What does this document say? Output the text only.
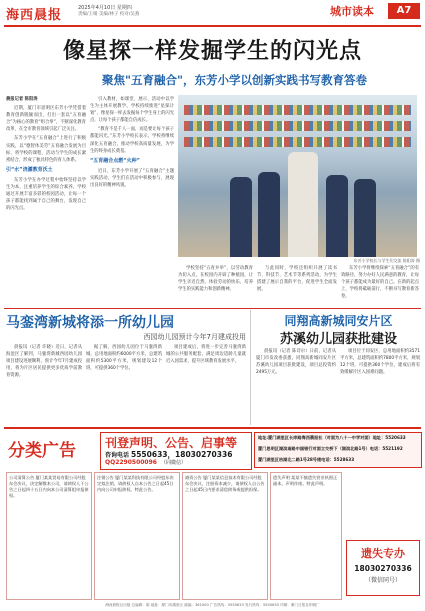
海西晨报	2025年4月10日 星期四
责编/王晴 美编/林子 校对/吴燕	城市读本	A7
像星探一样发掘学生的闪光点
聚焦"五育融合"，东芳小学以创新实践书写教育答卷

晨报记者 陈阳涛

近期，厦门市思明区东芳小学凭借着教育创新脱颖而出，打出一套以“五育融合”为核心的教育“组合拳”，不断深化教育改革，在全市教育领域引起广泛关注。

东芳小学在“五育融合”上进行了积极实践，以“德智体美劳”五育融合发展为目标，将学校的课程、活动与学生的成长紧密结合，形成了独具特色的育人体系。

引“水”浇灌教育沃土

东芳小学在办学过程中始终坚持以学生为本，注重培养学生的综合素养。学校通过开展丰富多彩的校园活动，让每一个孩子都能找到属于自己的舞台，发现自己的闪光点。

引入教材，如课堂、展示、活动中以学生为主体开展教学。学校持续推进“星探计划”，像星探一样去发掘每个学生身上的闪光点，让每个孩子都能自信成长。

“教育不是千人一面，而是要让每个孩子都能闪光。”东芳小学校长表示，学校将继续深化五育融合，推动学校高质量发展，为学生的终身成长奠基。

“五育融合点燃“火种”

近日，东芳小学开展了“五育融合”主题实践活动，学生们在活动中积极参与，展现出良好的精神风貌。

东芳小学校长与学生们交流 陈阳涛 摄

学校坚持“五育并举”，以劳动教育为切入点，在校园内开辟了种植园，让学生亲近自然，体验劳动的快乐，培养学生的实践能力和创新精神。

与此同时，学校还组织开展了读书节、科技节、艺术节等系列活动，为学生搭建了展示自我的平台，促进学生全面发展。

东芳小学将继续探索“五育融合”的有效路径，努力办好人民满意的教育，让每个孩子都能成为最好的自己。在新的起点上，学校将砥砺前行，不断书写教育新答卷。

马銮湾新城将添一所幼儿园
西园幼儿园预计今年7月建成投用

晨报讯（记者 许晓）近日，记者从海沧区了解到，马銮湾新城西园幼儿园项目建设进展顺利，预计今年7月建成投用，将为片区居民提供更多优质学前教育资源。

据了解，西园幼儿园位于马銮湾新城，总用地面积约6000平方米，总建筑面积约5300平方米，规划建设12个班，可提供360个学位。

项目建成后，将进一步完善马銮湾新城的公共服务配套，满足周边适龄儿童就近入园需求，提升区域教育发展水平。

同翔高新城同安片区
苏溪幼儿园获批建设

晨报讯（记者 陈诗尔）日前，记者从厦门市发改委获悉，同翔高新城同安片区苏溪幼儿园项目获批建设，项目总投资约2495万元。

项目位于同安区，总用地面积约3571平方米，总建筑面积约7800平方米，规划12个班，可提供360个学位，建成后将有效缓解片区入园难问题。

分类广告 刊登声明、公告、启事等
咨询电话 5550633，18030270336
QQ2290500096 （同微信）
地址:厦门湖里区长岸路海西晨报社（对面为八十一中学对面）地址：5520633
厦门思明区湖滨南路中国银行对面立交桥下（湖滨北路1号）电话：5521192
厦门湖里区枋湖北二路1号28号楼电话：5528633
公司清算公告 厦门某某贸易有限公司经股东会决议，决定解散本公司，请债权人于公告之日起四十五日内向本公司清算组申报债权。
注销公告 厦门某某科技有限公司经股东决定拟注销，请债权人自本公告之日起45日内向公司申报债权。特此公告。
减资公告 厦门某某信息技术有限公司经股东会决议，注册资本减少，请债权人自公告之日起45日内要求清偿债务或提供担保。
遗失声明 某某不慎遗失营业执照正副本，声明作废。特此声明。
遗失专办
18030270336
（微信同号）
海西晨报社出版 总编辑：陈 地址：厦门市湖里区 邮编：361000 广告热线：5550633 发行热线：5550633 印刷：厦门日报社印刷厂
